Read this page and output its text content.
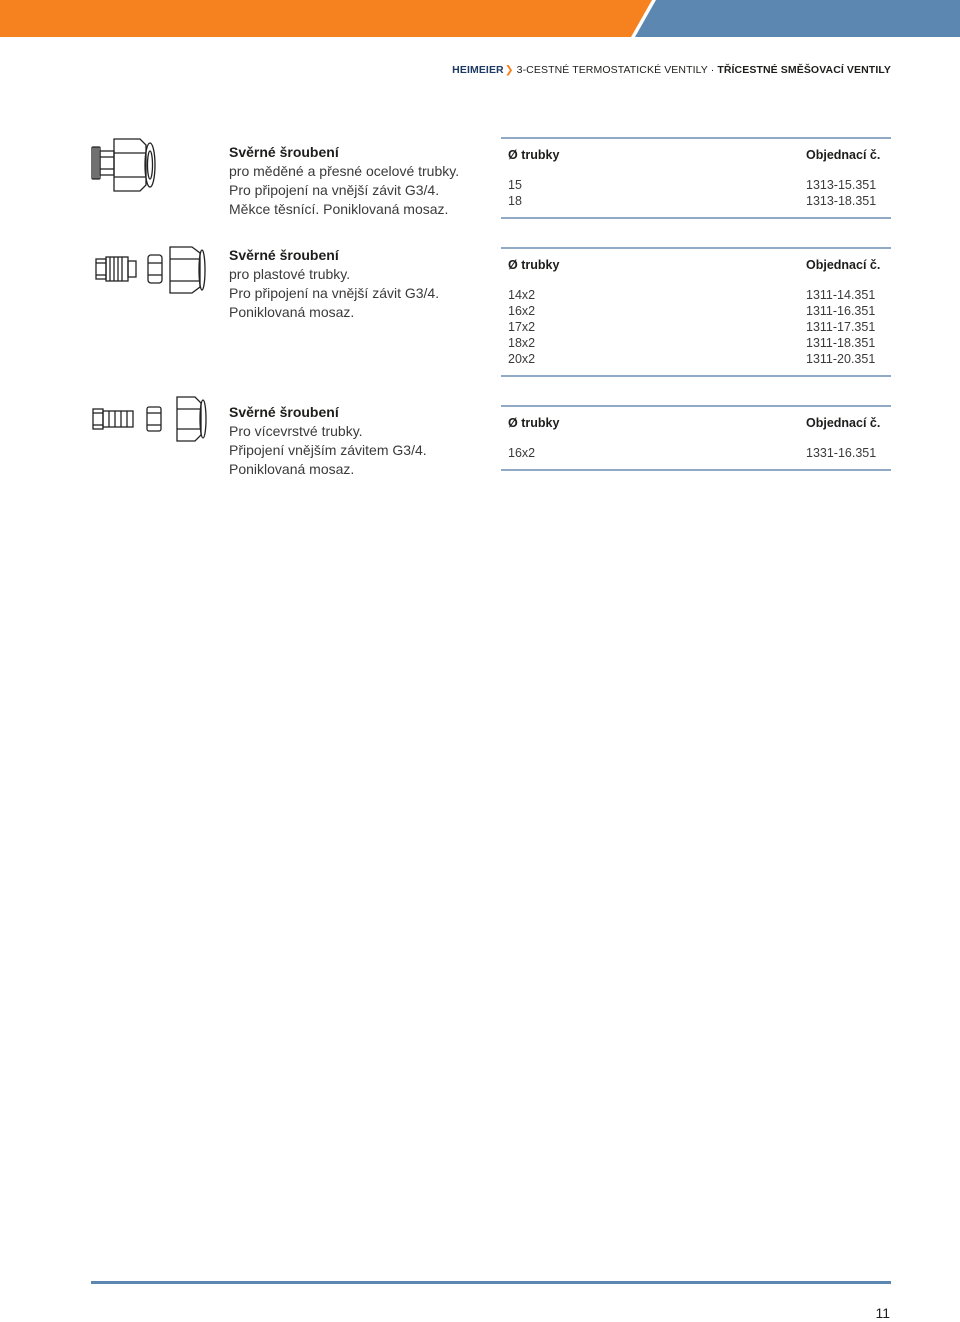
HEIMEIER❯ 3-CESTNÉ TERMOSTATICKÉ VENTILY · TŘÍCESTNÉ SMĚŠOVACÍ VENTILY
Svěrné šroubení
pro měděné a přesné ocelové trubky.
Pro připojení na vnější závit G3/4.
Měkce těsnící. Poniklovaná mosaz.
Ø trubky	Objednací č.
15	1313-15.351
18	1313-18.351
Svěrné šroubení
pro plastové trubky.
Pro připojení na vnější závit G3/4.
Poniklovaná mosaz.
Ø trubky	Objednací č.
14x2	1311-14.351
16x2	1311-16.351
17x2	1311-17.351
18x2	1311-18.351
20x2	1311-20.351
Svěrné šroubení
Pro vícevrstvé trubky.
Připojení vnějším závitem G3/4.
Poniklovaná mosaz.
Ø trubky	Objednací č.
16x2	1331-16.351
11
